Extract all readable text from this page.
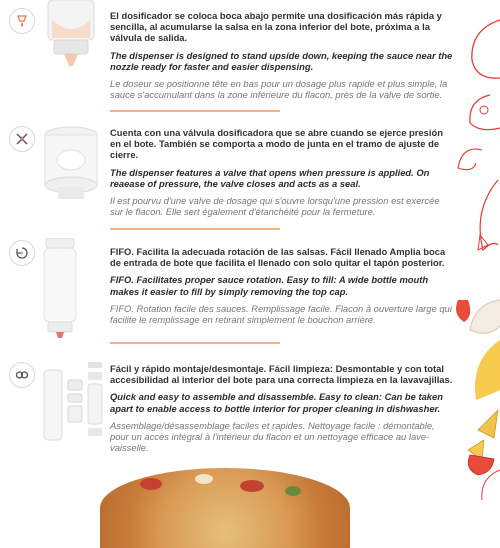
El dosificador se coloca boca abajo permite una dosificación más rápida y sencilla, al acumularse la salsa en la zona inferior del bote, próxima a la válvula de salida.

The dispenser is designed to stand upside down, keeping the sauce near the nozzle ready for faster and easier dispensing.

Le doseur se positionne tête en bas pour un dosage plus rapide et plus simple, la sauce s'accumulant dans la zone inférieure du flacon, près de la valve de sortie.

Cuenta con una válvula dosificadora que se abre cuando se ejerce presión en el bote. También se comporta a modo de junta en el tramo de ajuste de cierre.

The dispenser features a valve that opens when pressure is applied. On reaease of pressure, the valve closes and acts as a seal.

Il est pourvu d'une valve de dosage qui s'ouvre lorsqu'une pression est exercée sur le flacon. Elle sert également d'étanchéité pour la fermeture.

FIFO. Facilita la adecuada rotación de las salsas. Fácil llenado Amplia boca de entrada de bote que facilita el llenado con solo quitar el tapón posterior.

FIFO. Facilitates proper sauce rotation. Easy to fill: A wide bottle mouth makes it easier to fill by simply removing the top cap.

FIFO. Rotation facile des sauces. Remplissage facile. Flacon à ouverture large qui facilite le remplissage en retirant simplement le bouchon arrière.

Fácil y rápido montaje/desmontaje. Fácil limpieza: Desmontable y con total accesibilidad al interior del bote para una correcta limpieza en la lavavajillas.

Quick and easy to assemble and disassemble. Easy to clean: Can be taken apart to enable access to bottle interior for proper cleaning in dishwasher.

Assemblage/désassemblage faciles et rapides. Nettoyage facile : démontable, pour un accès intégral à l'intérieur du flacon et un nettoyage efficace au lave-vaisselle.
